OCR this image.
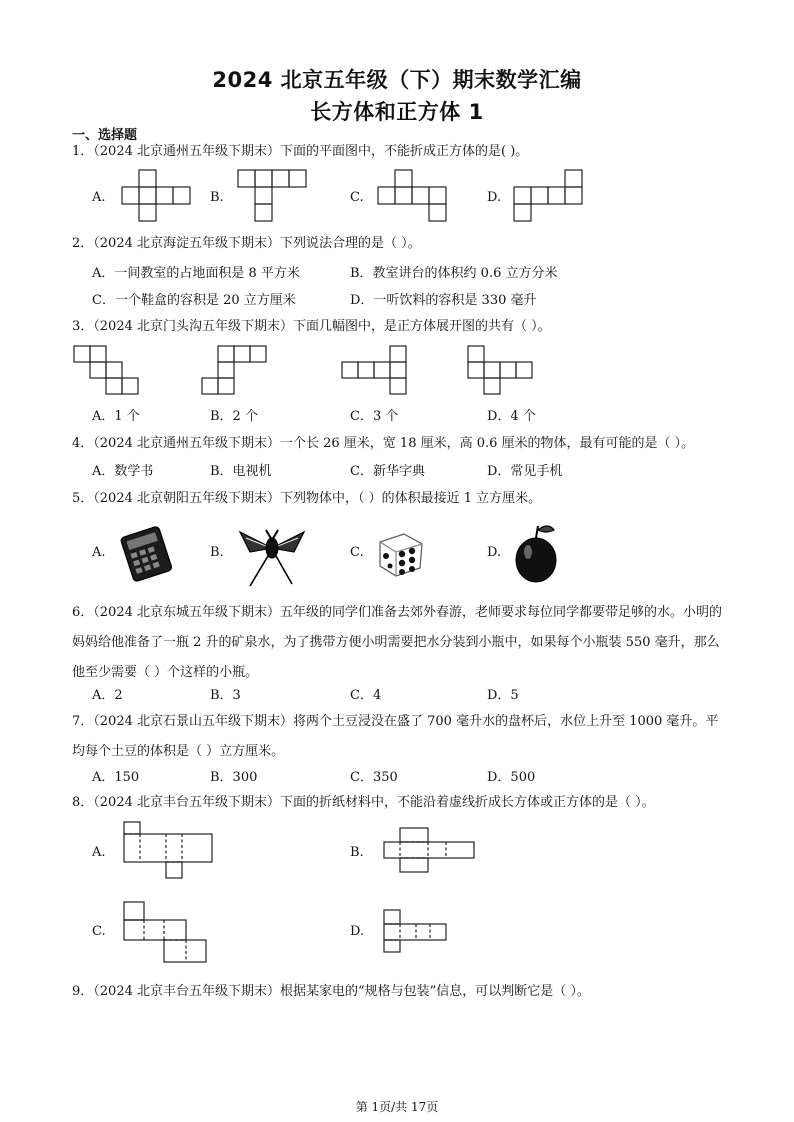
2024 北京五年级（下）期末数学汇编
长方体和正方体 1
一、选择题
1．（2024 北京通州五年级下期末）下面的平面图中，不能折成正方体的是( )。
A.	B.	C.	D.
2．（2024 北京海淀五年级下期末）下列说法合理的是（ ）。
A．一间教室的占地面积是 8 平方米	B．教室讲台的体积约 0.6 立方分米
C．一个鞋盒的容积是 20 立方厘米	D．一听饮料的容积是 330 毫升
3．（2024 北京门头沟五年级下期末）下面几幅图中，是正方体展开图的共有（ ）。
A．1 个	B．2 个	C．3 个	D．4 个
4．（2024 北京通州五年级下期末）一个长 26 厘米，宽 18 厘米，高 0.6 厘米的物体，最有可能的是（ ）。
A．数学书	B．电视机	C．新华字典	D．常见手机
5．（2024 北京朝阳五年级下期末）下列物体中，（ ）的体积最接近 1 立方厘米。
A.	B.	C.	D.
6．（2024 北京东城五年级下期末）五年级的同学们准备去郊外春游，老师要求每位同学都要带足够的水。小明的妈妈给他准备了一瓶 2 升的矿泉水，为了携带方便小明需要把水分装到小瓶中，如果每个小瓶装 550 毫升，那么他至少需要（ ）个这样的小瓶。
A．2	B．3	C．4	D．5
7．（2024 北京石景山五年级下期末）将两个土豆浸没在盛了 700 毫升水的盘杯后，水位上升至 1000 毫升。平均每个土豆的体积是（ ）立方厘米。
A．150	B．300	C．350	D．500
8．（2024 北京丰台五年级下期末）下面的折纸材料中，不能沿着虚线折成长方体或正方体的是（ ）。
A.	B.
C.	D.
9．（2024 北京丰台五年级下期末）根据某家电的“规格与包装”信息，可以判断它是（ ）。
第 1页/共 17页
